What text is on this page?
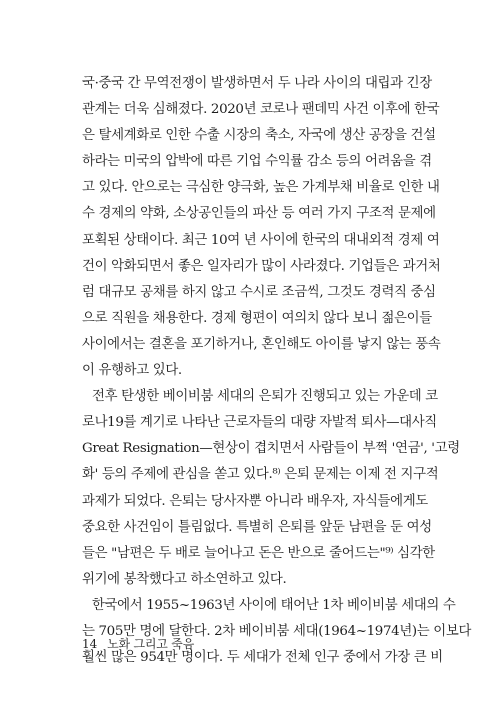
국·중국 간 무역전쟁이 발생하면서 두 나라 사이의 대립과 긴장
관계는 더욱 심해졌다. 2020년 코로나 팬데믹 사건 이후에 한국
은 탈세계화로 인한 수출 시장의 축소, 자국에 생산 공장을 건설
하라는 미국의 압박에 따른 기업 수익률 감소 등의 어려움을 겪
고 있다. 안으로는 극심한 양극화, 높은 가계부채 비율로 인한 내
수 경제의 약화, 소상공인들의 파산 등 여러 가지 구조적 문제에
포획된 상태이다. 최근 10여 년 사이에 한국의 대내외적 경제 여
건이 악화되면서 좋은 일자리가 많이 사라졌다. 기업들은 과거처
럼 대규모 공채를 하지 않고 수시로 조금씩, 그것도 경력직 중심
으로 직원을 채용한다. 경제 형편이 여의치 않다 보니 젊은이들
사이에서는 결혼을 포기하거나, 혼인해도 아이를 낳지 않는 풍속
이 유행하고 있다.
전후 탄생한 베이비붐 세대의 은퇴가 진행되고 있는 가운데 코
로나19를 계기로 나타난 근로자들의 대량 자발적 퇴사—대사직
Great Resignation—현상이 겹치면서 사람들이 부쩍 '연금', '고령
화' 등의 주제에 관심을 쏟고 있다.⁸⁾ 은퇴 문제는 이제 전 지구적
과제가 되었다. 은퇴는 당사자뿐 아니라 배우자, 자식들에게도
중요한 사건임이 틀림없다. 특별히 은퇴를 앞둔 남편을 둔 여성
들은 "남편은 두 배로 늘어나고 돈은 반으로 줄어드는"⁹⁾ 심각한
위기에 봉착했다고 하소연하고 있다.
한국에서 1955~1963년 사이에 태어난 1차 베이비붐 세대의 수
는 705만 명에 달한다. 2차 베이비붐 세대(1964~1974년)는 이보다
훨씬 많은 954만 명이다. 두 세대가 전체 인구 중에서 가장 큰 비
14 노화 그리고 죽음
